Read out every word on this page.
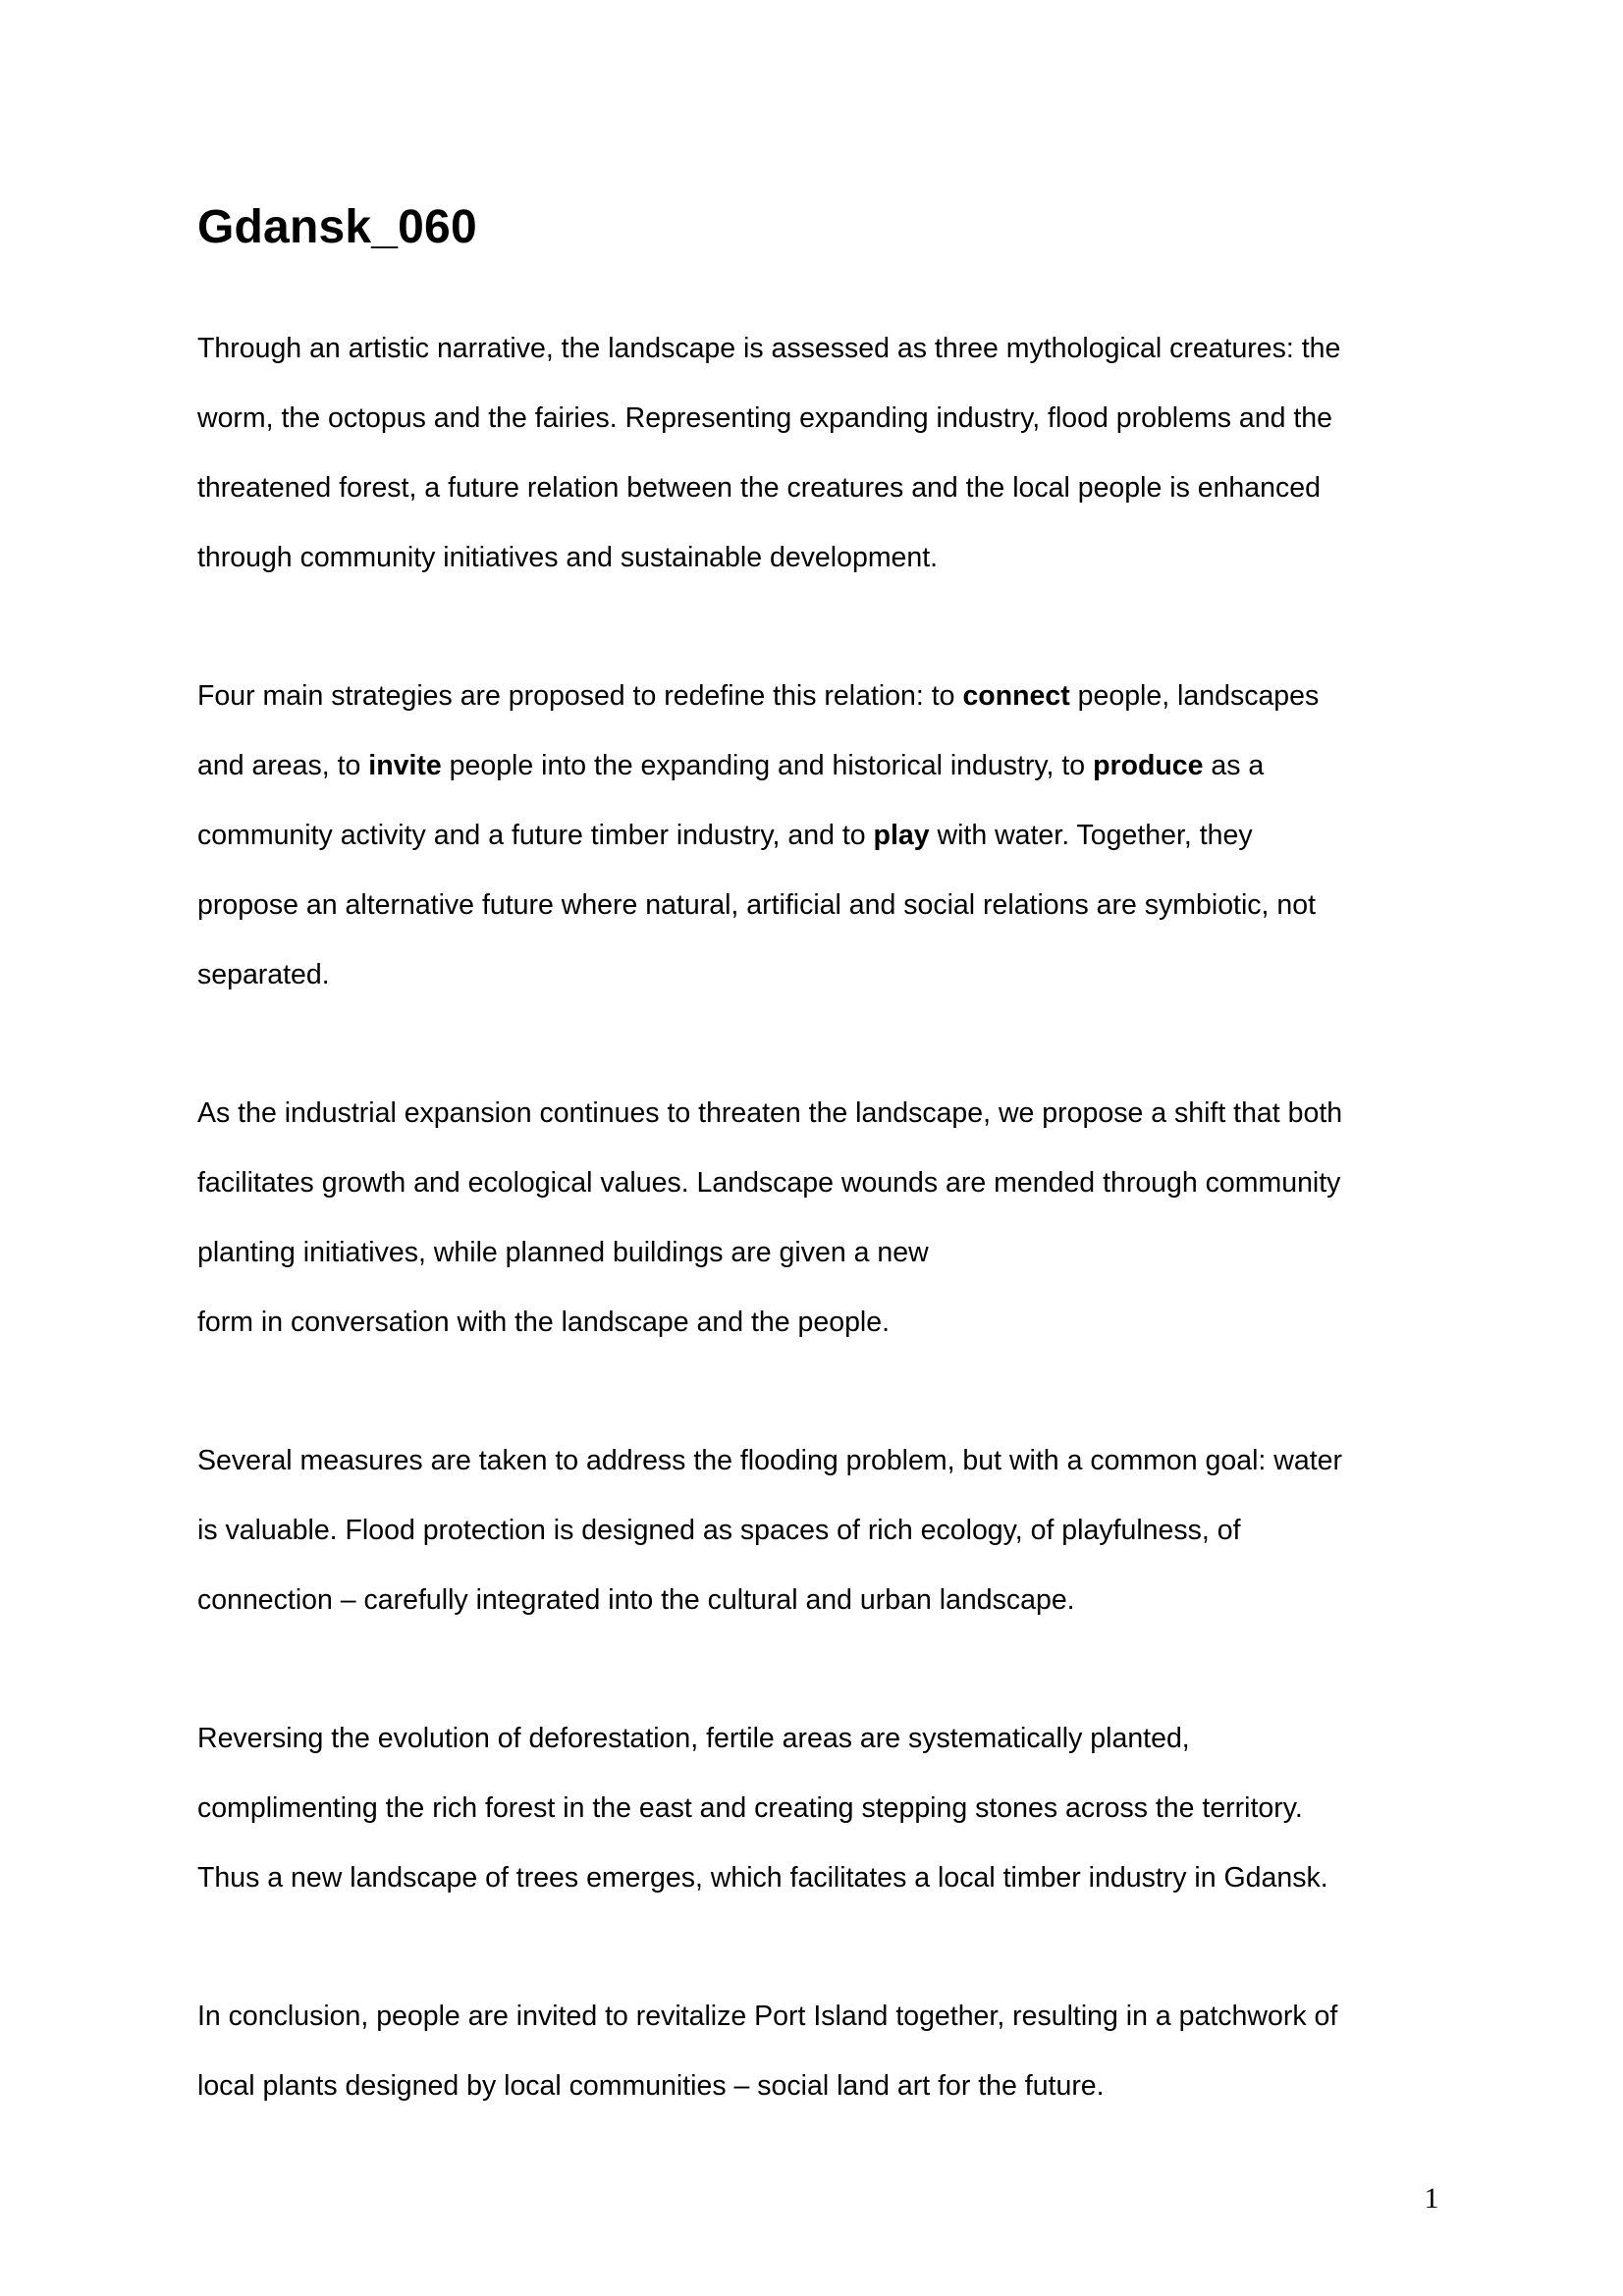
Gdansk_060
Through an artistic narrative, the landscape is assessed as three mythological creatures: the
worm, the octopus and the fairies. Representing expanding industry, flood problems and the
threatened forest, a future relation between the creatures and the local people is enhanced
through community initiatives and sustainable development.
Four main strategies are proposed to redefine this relation: to connect people, landscapes
and areas, to invite people into the expanding and historical industry, to produce as a
community activity and a future timber industry, and to play with water. Together, they
propose an alternative future where natural, artificial and social relations are symbiotic, not
separated.
As the industrial expansion continues to threaten the landscape, we propose a shift that both
facilitates growth and ecological values. Landscape wounds are mended through community
planting initiatives, while planned buildings are given a new
form in conversation with the landscape and the people.
Several measures are taken to address the flooding problem, but with a common goal: water
is valuable. Flood protection is designed as spaces of rich ecology, of playfulness, of
connection – carefully integrated into the cultural and urban landscape.
Reversing the evolution of deforestation, fertile areas are systematically planted,
complimenting the rich forest in the east and creating stepping stones across the territory.
Thus a new landscape of trees emerges, which facilitates a local timber industry in Gdansk.
In conclusion, people are invited to revitalize Port Island together, resulting in a patchwork of
local plants designed by local communities – social land art for the future.
1
